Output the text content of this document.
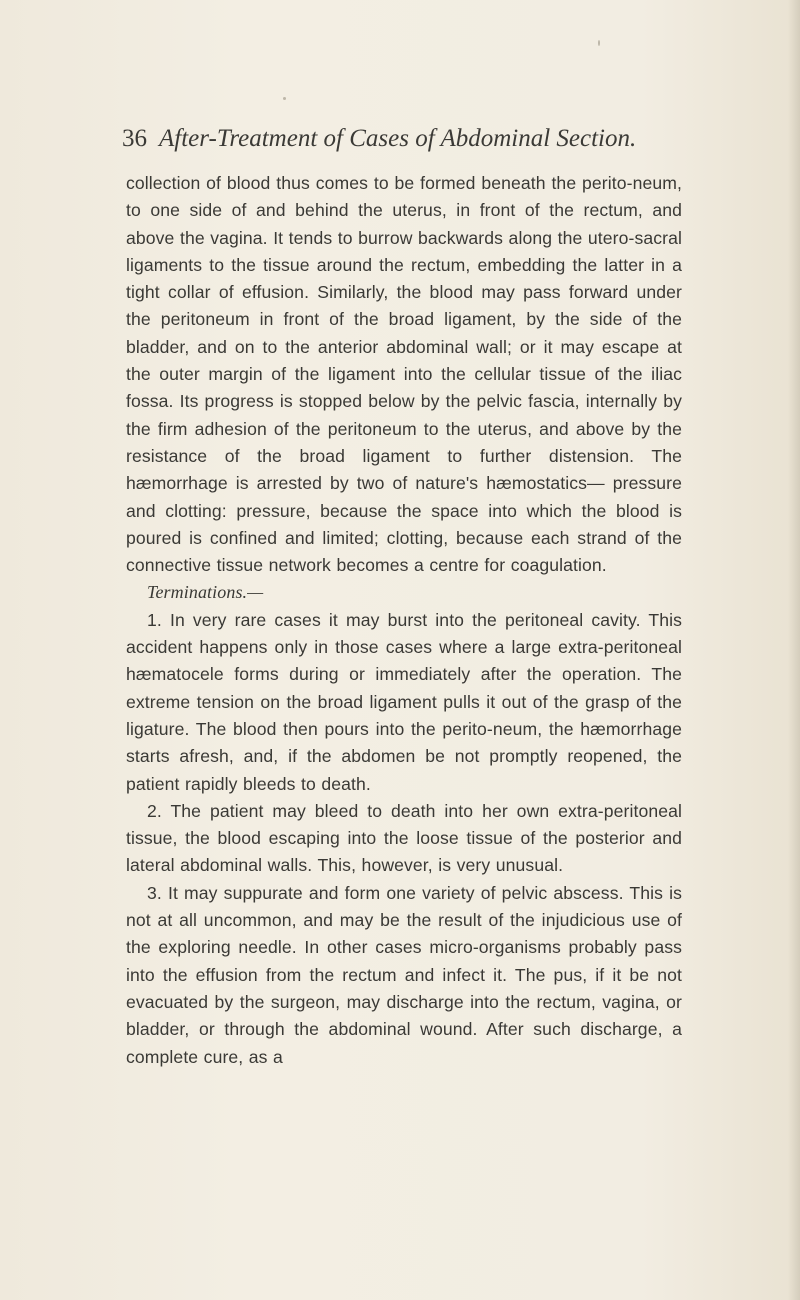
36 After-Treatment of Cases of Abdominal Section.

collection of blood thus comes to be formed beneath the perito-neum, to one side of and behind the uterus, in front of the rectum, and above the vagina. It tends to burrow backwards along the utero-sacral ligaments to the tissue around the rectum, embedding the latter in a tight collar of effusion. Similarly, the blood may pass forward under the peritoneum in front of the broad ligament, by the side of the bladder, and on to the anterior abdominal wall; or it may escape at the outer margin of the ligament into the cellular tissue of the iliac fossa. Its progress is stopped below by the pelvic fascia, internally by the firm adhesion of the peritoneum to the uterus, and above by the resistance of the broad ligament to further distension. The hæmorrhage is arrested by two of nature's hæmostatics— pressure and clotting: pressure, because the space into which the blood is poured is confined and limited; clotting, because each strand of the connective tissue network becomes a centre for coagulation.

Terminations.—

1. In very rare cases it may burst into the peritoneal cavity. This accident happens only in those cases where a large extra-peritoneal hæmatocele forms during or immediately after the operation. The extreme tension on the broad ligament pulls it out of the grasp of the ligature. The blood then pours into the perito-neum, the hæmorrhage starts afresh, and, if the abdomen be not promptly reopened, the patient rapidly bleeds to death.

2. The patient may bleed to death into her own extra-peritoneal tissue, the blood escaping into the loose tissue of the posterior and lateral abdominal walls. This, however, is very unusual.

3. It may suppurate and form one variety of pelvic abscess. This is not at all uncommon, and may be the result of the injudicious use of the exploring needle. In other cases micro-organisms probably pass into the effusion from the rectum and infect it. The pus, if it be not evacuated by the surgeon, may discharge into the rectum, vagina, or bladder, or through the abdominal wound. After such discharge, a complete cure, as a
